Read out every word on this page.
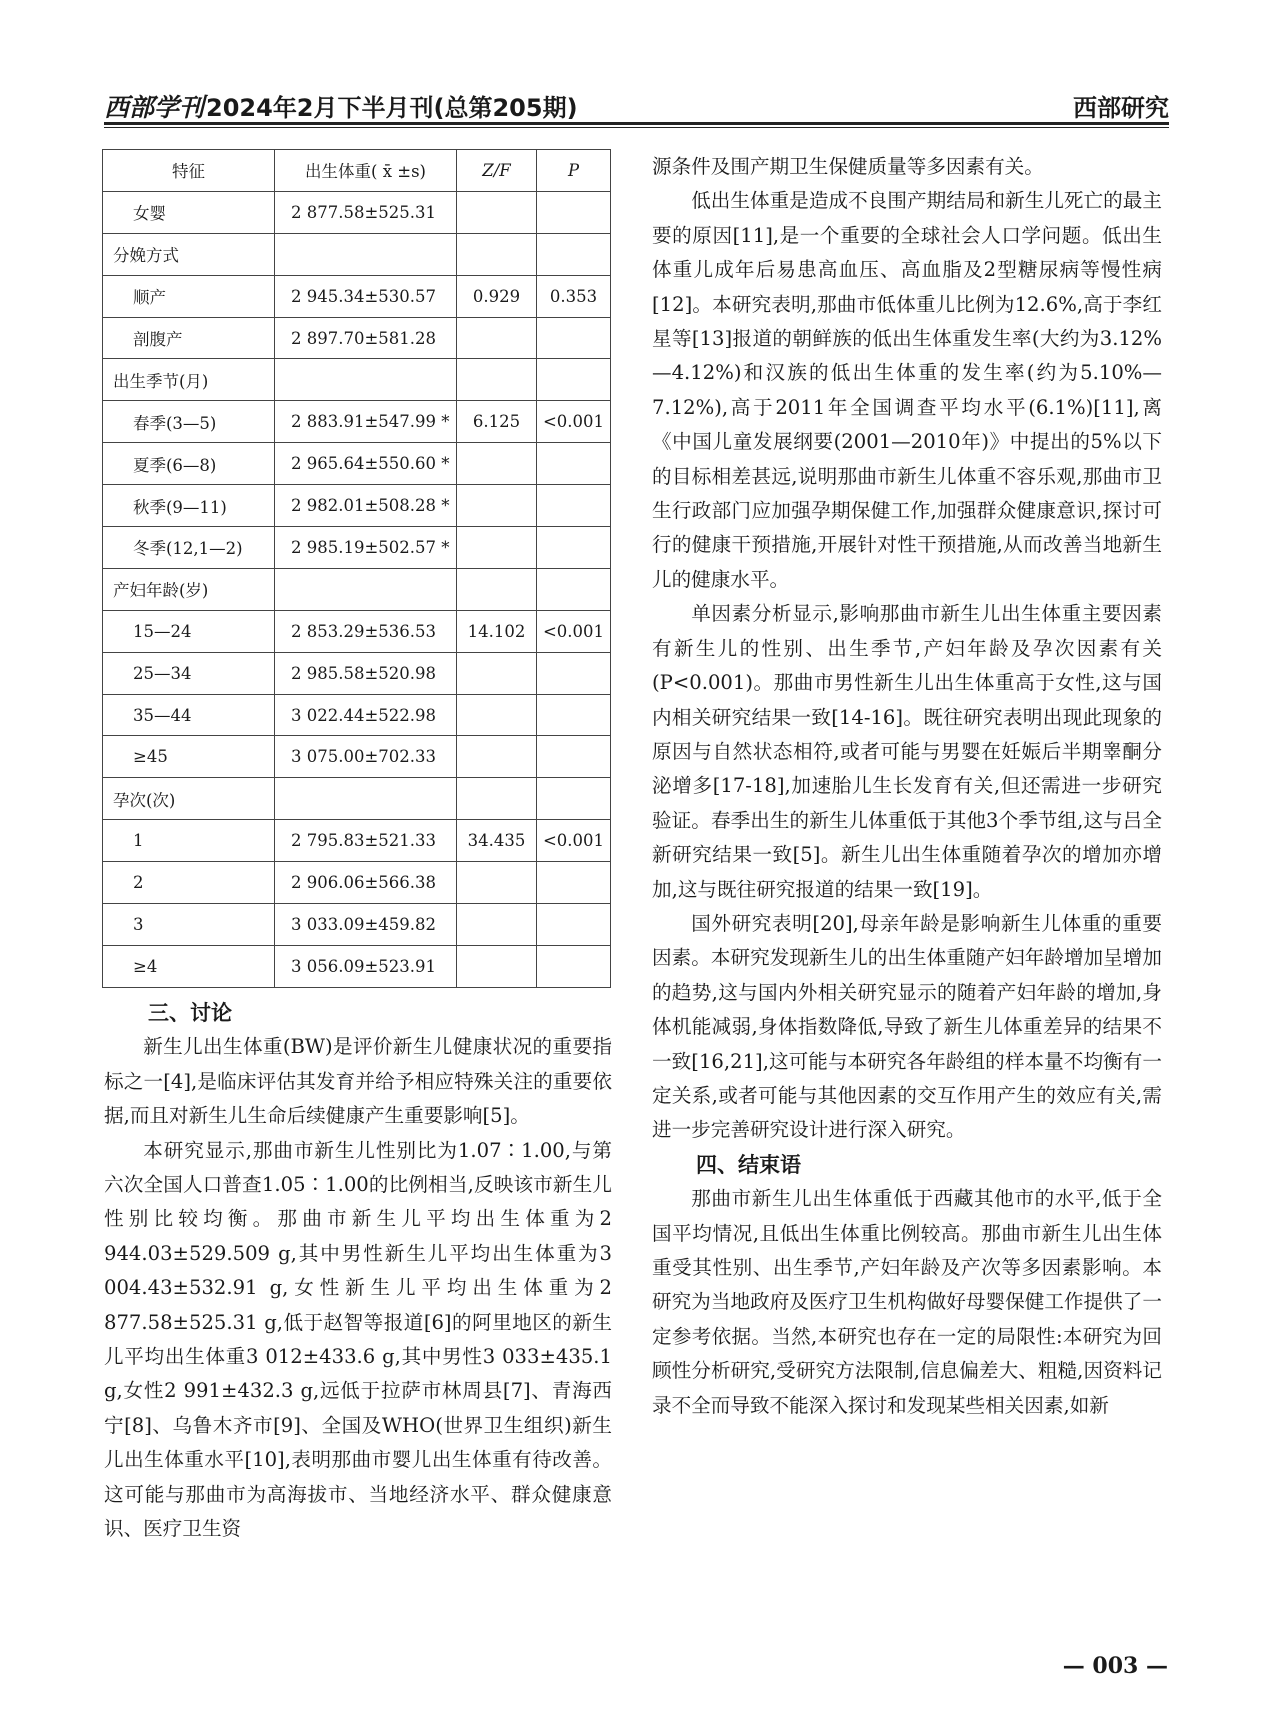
西部学刊2024年2月下半月刊(总第205期)	西部研究
特征	出生体重( x̄ ±s)	Z/F	P
女婴	2 877.58±525.31		
分娩方式			
顺产	2 945.34±530.57	0.929	0.353
剖腹产	2 897.70±581.28		
出生季节(月)			
春季(3—5)	2 883.91±547.99 *	6.125	<0.001
夏季(6—8)	2 965.64±550.60 *		
秋季(9—11)	2 982.01±508.28 *		
冬季(12,1—2)	2 985.19±502.57 *		
产妇年龄(岁)			
15—24	2 853.29±536.53	14.102	<0.001
25—34	2 985.58±520.98		
35—44	3 022.44±522.98		
≥45	3 075.00±702.33		
孕次(次)			
1	2 795.83±521.33	34.435	<0.001
2	2 906.06±566.38		
3	3 033.09±459.82		
≥4	3 056.09±523.91		
三、讨论

新生儿出生体重(BW)是评价新生儿健康状况的重要指标之一[4],是临床评估其发育并给予相应特殊关注的重要依据,而且对新生儿生命后续健康产生重要影响[5]。

本研究显示,那曲市新生儿性别比为1.07∶1.00,与第六次全国人口普查1.05∶1.00的比例相当,反映该市新生儿性别比较均衡。那曲市新生儿平均出生体重为2 944.03±529.509 g,其中男性新生儿平均出生体重为3 004.43±532.91 g,女性新生儿平均出生体重为2 877.58±525.31 g,低于赵智等报道[6]的阿里地区的新生儿平均出生体重3 012±433.6 g,其中男性3 033±435.1 g,女性2 991±432.3 g,远低于拉萨市林周县[7]、青海西宁[8]、乌鲁木齐市[9]、全国及WHO(世界卫生组织)新生儿出生体重水平[10],表明那曲市婴儿出生体重有待改善。这可能与那曲市为高海拔市、当地经济水平、群众健康意识、医疗卫生资

源条件及围产期卫生保健质量等多因素有关。

低出生体重是造成不良围产期结局和新生儿死亡的最主要的原因[11],是一个重要的全球社会人口学问题。低出生体重儿成年后易患高血压、高血脂及2型糖尿病等慢性病[12]。本研究表明,那曲市低体重儿比例为12.6%,高于李红星等[13]报道的朝鲜族的低出生体重发生率(大约为3.12%—4.12%)和汉族的低出生体重的发生率(约为5.10%—7.12%),高于2011年全国调查平均水平(6.1%)[11],离《中国儿童发展纲要(2001—2010年)》中提出的5%以下的目标相差甚远,说明那曲市新生儿体重不容乐观,那曲市卫生行政部门应加强孕期保健工作,加强群众健康意识,探讨可行的健康干预措施,开展针对性干预措施,从而改善当地新生儿的健康水平。

单因素分析显示,影响那曲市新生儿出生体重主要因素有新生儿的性别、出生季节,产妇年龄及孕次因素有关(P<0.001)。那曲市男性新生儿出生体重高于女性,这与国内相关研究结果一致[14-16]。既往研究表明出现此现象的原因与自然状态相符,或者可能与男婴在妊娠后半期睾酮分泌增多[17-18],加速胎儿生长发育有关,但还需进一步研究验证。春季出生的新生儿体重低于其他3个季节组,这与吕全新研究结果一致[5]。新生儿出生体重随着孕次的增加亦增加,这与既往研究报道的结果一致[19]。

国外研究表明[20],母亲年龄是影响新生儿体重的重要因素。本研究发现新生儿的出生体重随产妇年龄增加呈增加的趋势,这与国内外相关研究显示的随着产妇年龄的增加,身体机能减弱,身体指数降低,导致了新生儿体重差异的结果不一致[16,21],这可能与本研究各年龄组的样本量不均衡有一定关系,或者可能与其他因素的交互作用产生的效应有关,需进一步完善研究设计进行深入研究。

四、结束语

那曲市新生儿出生体重低于西藏其他市的水平,低于全国平均情况,且低出生体重比例较高。那曲市新生儿出生体重受其性别、出生季节,产妇年龄及产次等多因素影响。本研究为当地政府及医疗卫生机构做好母婴保健工作提供了一定参考依据。当然,本研究也存在一定的局限性:本研究为回顾性分析研究,受研究方法限制,信息偏差大、粗糙,因资料记录不全而导致不能深入探讨和发现某些相关因素,如新

— 003 —
